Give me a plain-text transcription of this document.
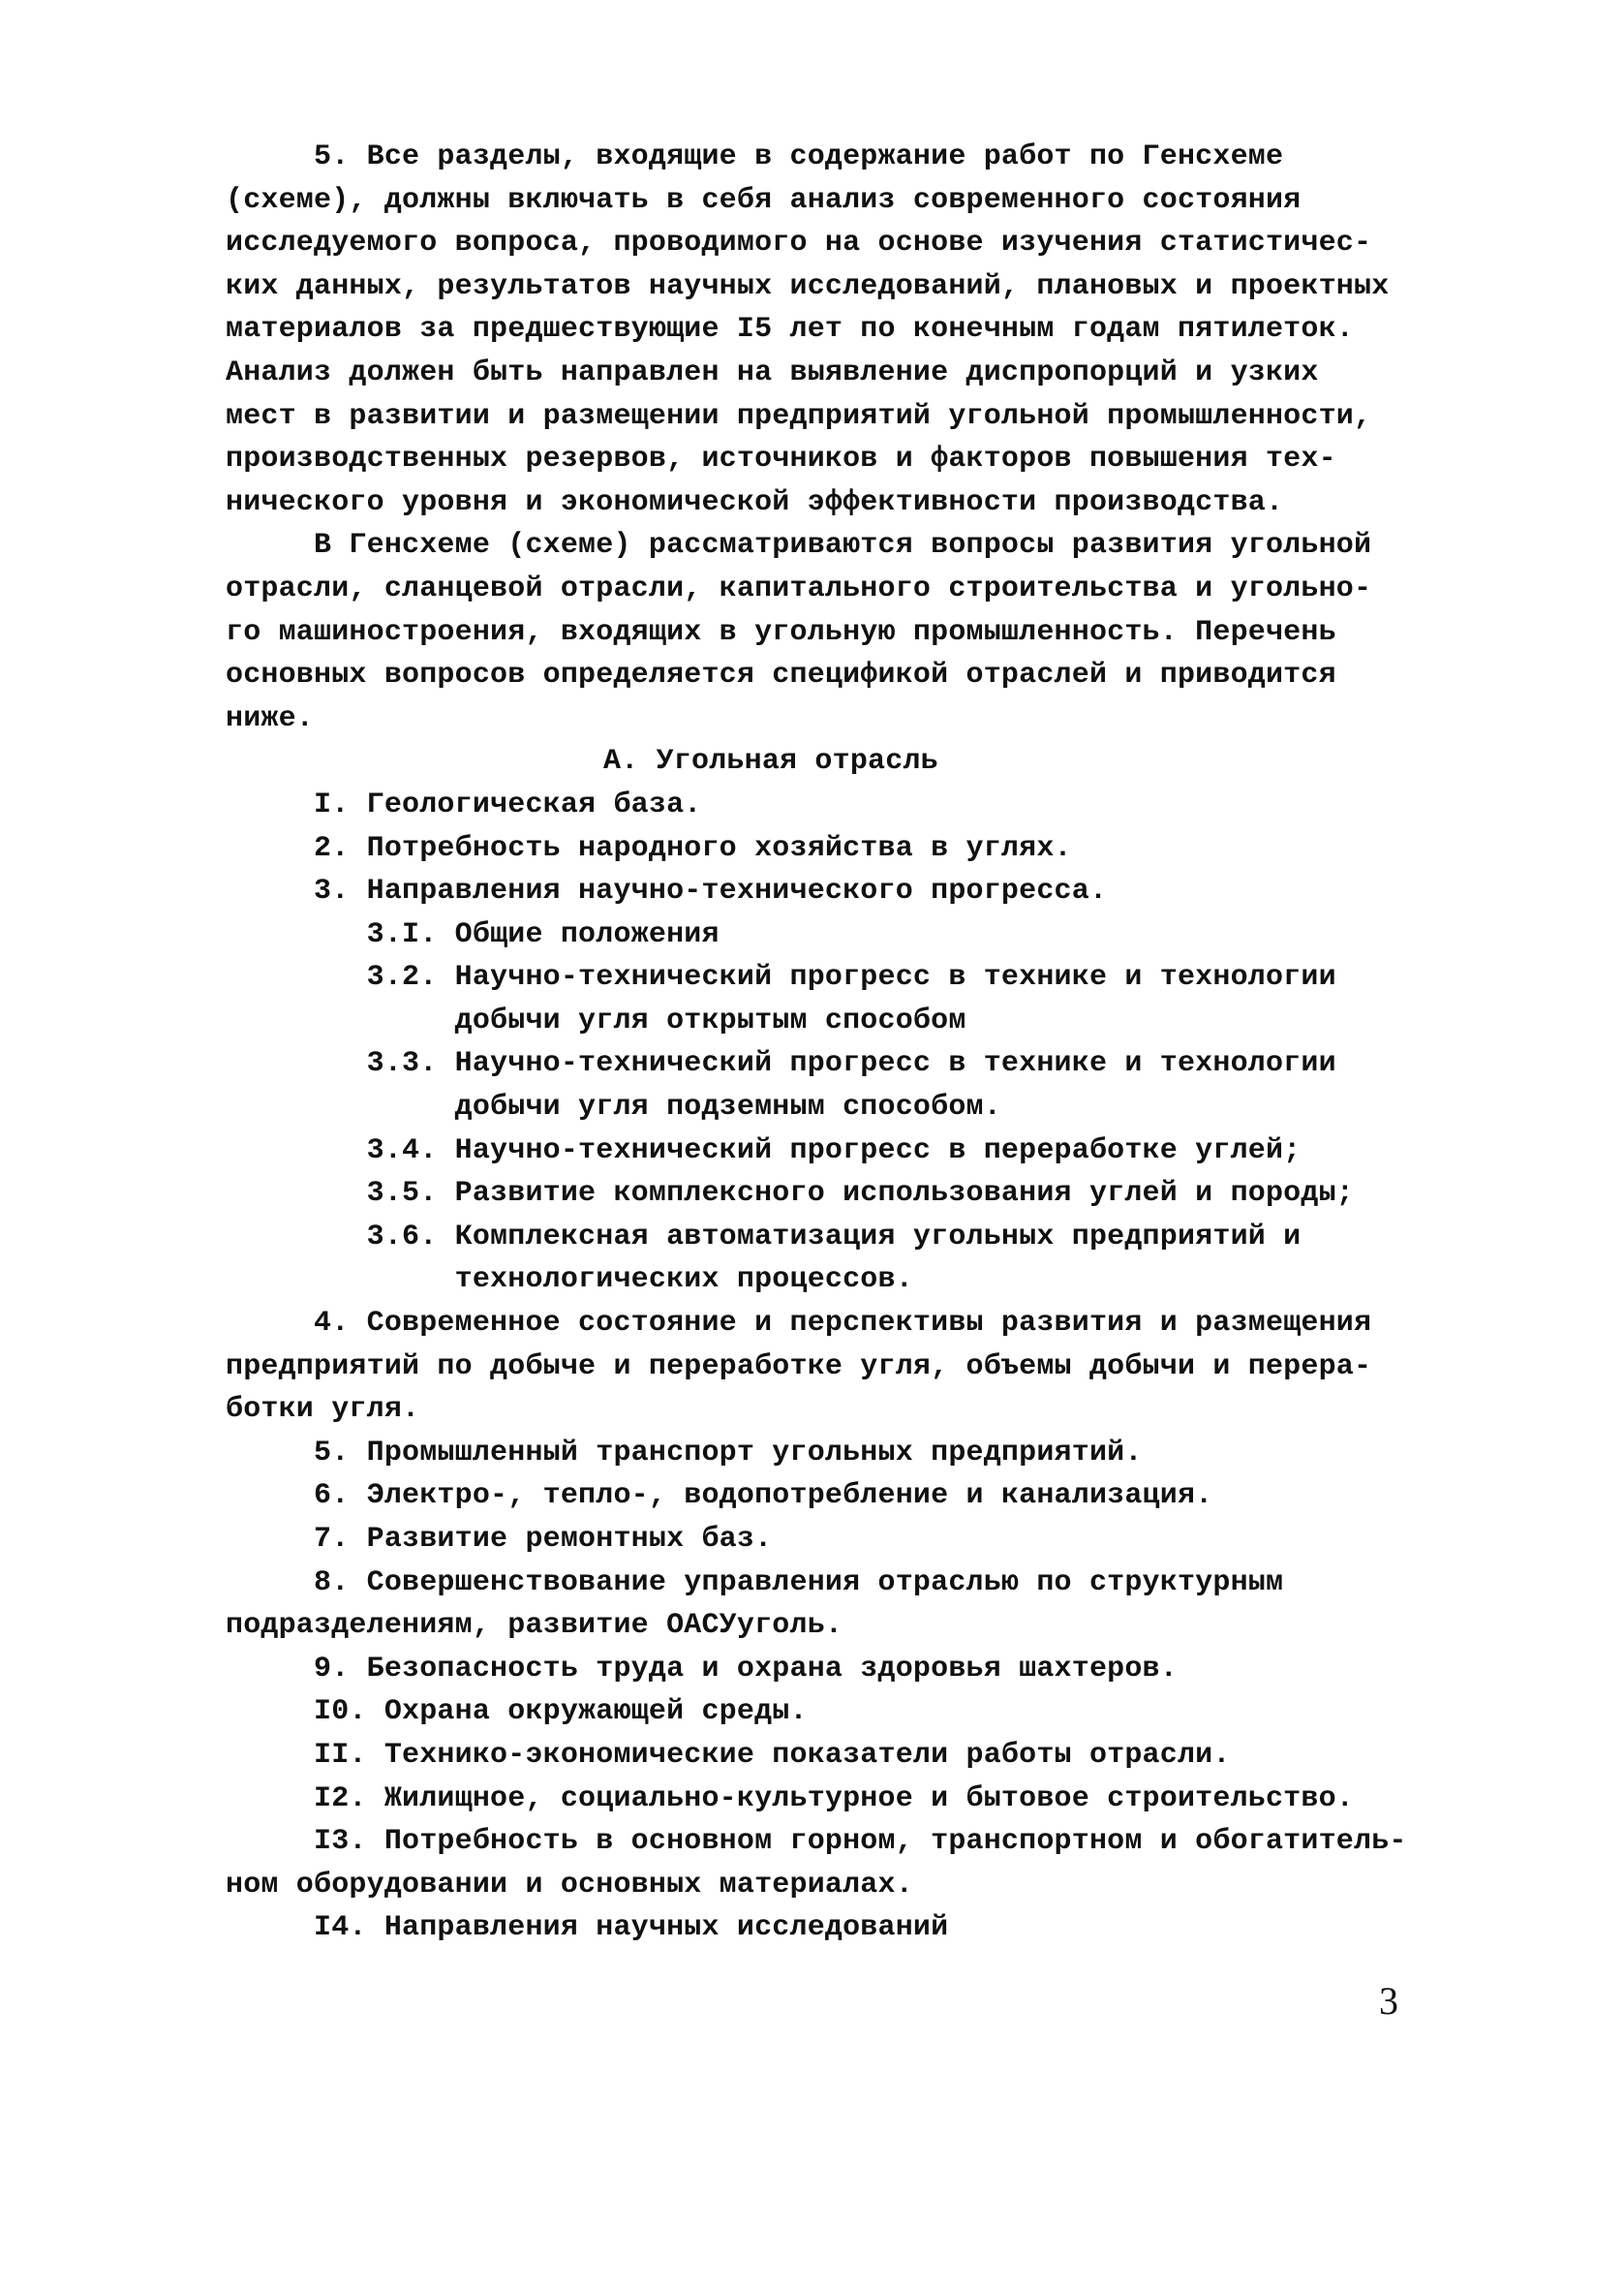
5. Все разделы, входящие в содержание работ по Генсхеме
(схеме), должны включать в себя анализ современного состояния
исследуемого вопроса, проводимого на основе изучения статистичес-
ких данных, результатов научных исследований, плановых и проектных
материалов за предшествующие I5 лет по конечным годам пятилеток.
Анализ должен быть направлен на выявление диспропорций и узких
мест в развитии и размещении предприятий угольной промышленности,
производственных резервов, источников и факторов повышения тех-
нического уровня и экономической эффективности производства.
В Генсхеме (схеме) рассматриваются вопросы развития угольной
отрасли, сланцевой отрасли, капитального строительства и угольно-
го машиностроения, входящих в угольную промышленность. Перечень
основных вопросов определяется спецификой отраслей и приводится
ниже.
А. Угольная отрасль
I. Геологическая база.
2. Потребность народного хозяйства в углях.
3. Направления научно-технического прогресса.
3.I. Общие положения
3.2. Научно-технический прогресс в технике и технологии
добычи угля открытым способом
3.3. Научно-технический прогресс в технике и технологии
добычи угля подземным способом.
3.4. Научно-технический прогресс в переработке углей;
3.5. Развитие комплексного использования углей и породы;
3.6. Комплексная автоматизация угольных предприятий и
технологических процессов.
4. Современное состояние и перспективы развития и размещения
предприятий по добыче и переработке угля, объемы добычи и перера-
ботки угля.
5. Промышленный транспорт угольных предприятий.
6. Электро-, тепло-, водопотребление и канализация.
7. Развитие ремонтных баз.
8. Совершенствование управления отраслью по структурным
подразделениям, развитие ОАСУуголь.
9. Безопасность труда и охрана здоровья шахтеров.
I0. Охрана окружающей среды.
II. Технико-экономические показатели работы отрасли.
I2. Жилищное, социально-культурное и бытовое строительство.
I3. Потребность в основном горном, транспортном и обогатитель-
ном оборудовании и основных материалах.
I4. Направления научных исследований
3
